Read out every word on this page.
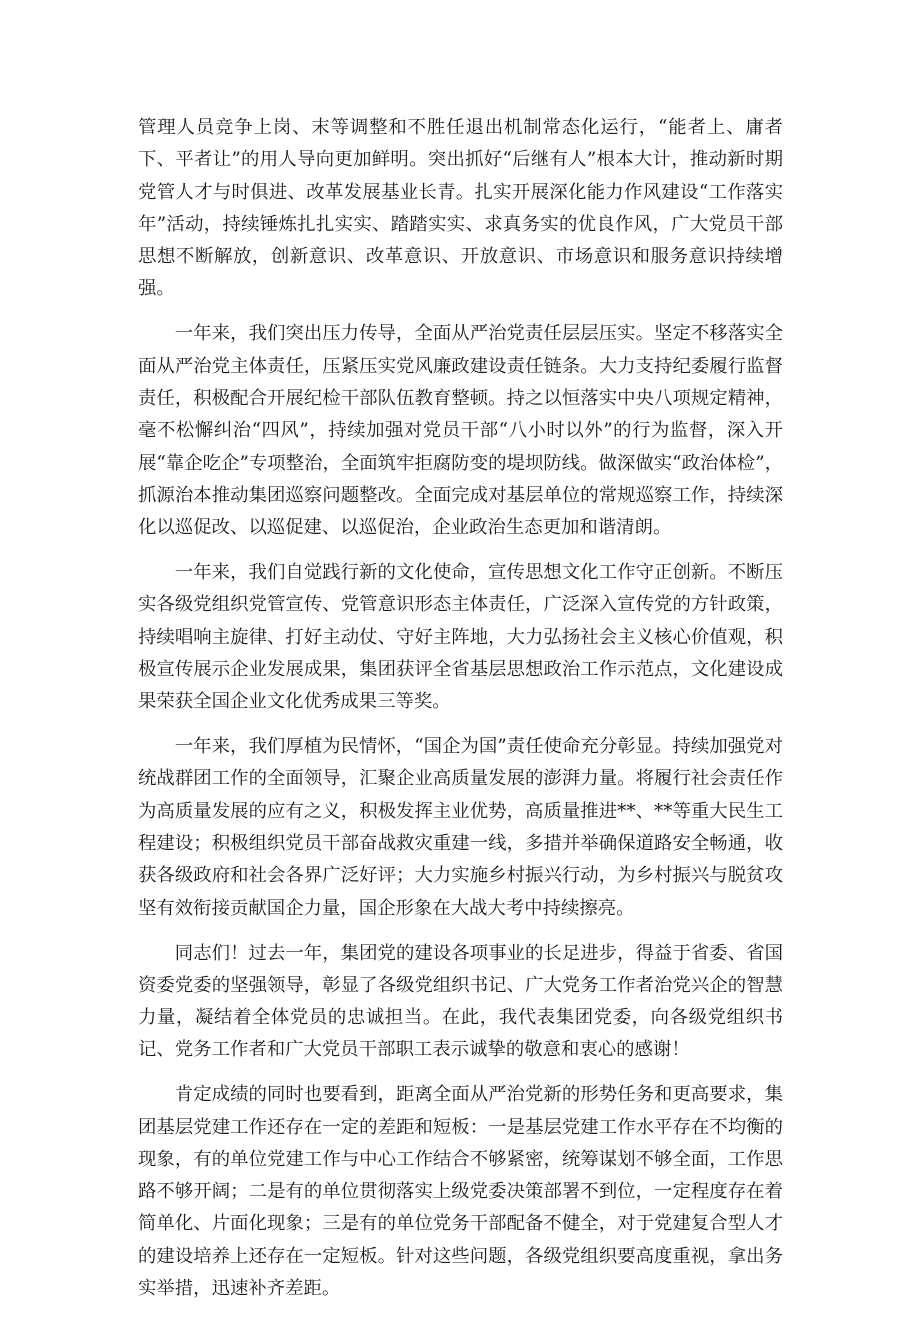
管理人员竞争上岗、末等调整和不胜任退出机制常态化运行，“能者上、庸者下、平者让”的用人导向更加鲜明。突出抓好“后继有人”根本大计，推动新时期党管人才与时俱进、改革发展基业长青。扎实开展深化能力作风建设“工作落实年”活动，持续锤炼扎扎实实、踏踏实实、求真务实的优良作风，广大党员干部思想不断解放，创新意识、改革意识、开放意识、市场意识和服务意识持续增强。

一年来，我们突出压力传导，全面从严治党责任层层压实。坚定不移落实全面从严治党主体责任，压紧压实党风廉政建设责任链条。大力支持纪委履行监督责任，积极配合开展纪检干部队伍教育整顿。持之以恒落实中央八项规定精神，毫不松懈纠治“四风”，持续加强对党员干部“八小时以外”的行为监督，深入开展“靠企吃企”专项整治，全面筑牢拒腐防变的堤坝防线。做深做实“政治体检”，抓源治本推动集团巡察问题整改。全面完成对基层单位的常规巡察工作，持续深化以巡促改、以巡促建、以巡促治，企业政治生态更加和谐清朗。

一年来，我们自觉践行新的文化使命，宣传思想文化工作守正创新。不断压实各级党组织党管宣传、党管意识形态主体责任，广泛深入宣传党的方针政策，持续唱响主旋律、打好主动仗、守好主阵地，大力弘扬社会主义核心价值观，积极宣传展示企业发展成果，集团获评全省基层思想政治工作示范点，文化建设成果荣获全国企业文化优秀成果三等奖。

一年来，我们厚植为民情怀，“国企为国”责任使命充分彰显。持续加强党对统战群团工作的全面领导，汇聚企业高质量发展的澎湃力量。将履行社会责任作为高质量发展的应有之义，积极发挥主业优势，高质量推进**、**等重大民生工程建设；积极组织党员干部奋战救灾重建一线，多措并举确保道路安全畅通，收获各级政府和社会各界广泛好评；大力实施乡村振兴行动，为乡村振兴与脱贫攻坚有效衔接贡献国企力量，国企形象在大战大考中持续擦亮。

同志们！过去一年，集团党的建设各项事业的长足进步，得益于省委、省国资委党委的坚强领导，彰显了各级党组织书记、广大党务工作者治党兴企的智慧力量，凝结着全体党员的忠诚担当。在此，我代表集团党委，向各级党组织书记、党务工作者和广大党员干部职工表示诚挚的敬意和衷心的感谢！

肯定成绩的同时也要看到，距离全面从严治党新的形势任务和更高要求，集团基层党建工作还存在一定的差距和短板：一是基层党建工作水平存在不均衡的现象，有的单位党建工作与中心工作结合不够紧密，统筹谋划不够全面，工作思路不够开阔；二是有的单位贯彻落实上级党委决策部署不到位，一定程度存在着简单化、片面化现象；三是有的单位党务干部配备不健全，对于党建复合型人才的建设培养上还存在一定短板。针对这些问题，各级党组织要高度重视，拿出务实举措，迅速补齐差距。
